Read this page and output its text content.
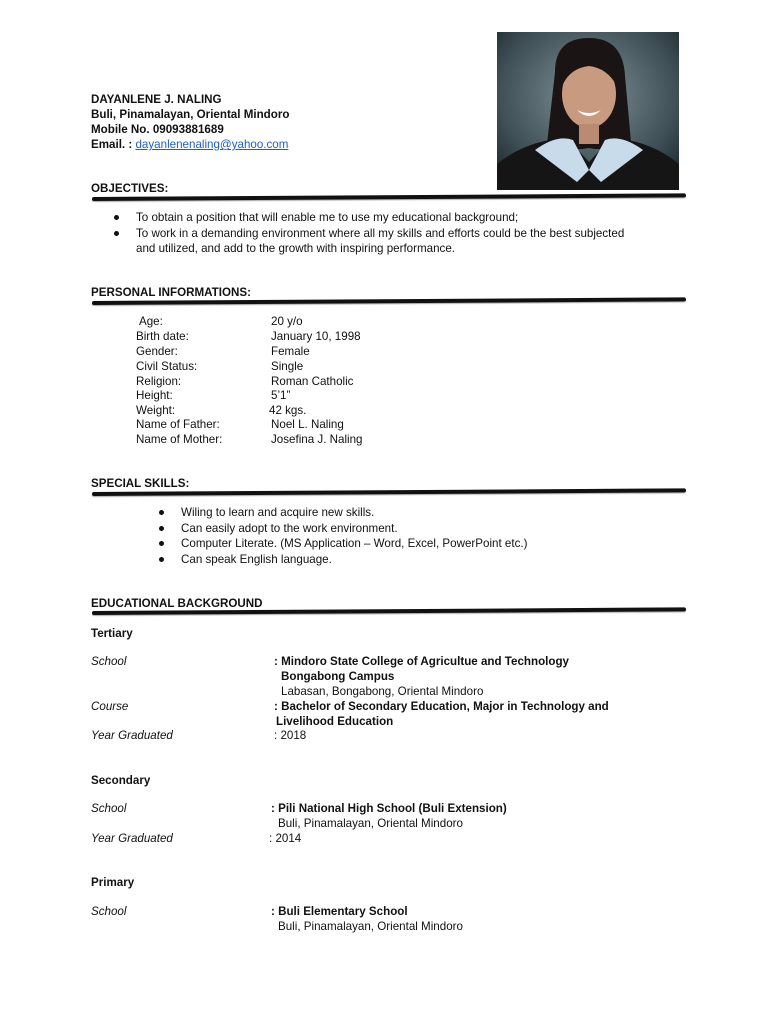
DAYANLENE J. NALING
Buli, Pinamalayan, Oriental Mindoro
Mobile No. 09093881689
Email. : dayanlenenaling@yahoo.com
OBJECTIVES:
To obtain a position that will enable me to use my educational background;
To work in a demanding environment where all my skills and efforts could be the best subjected
and utilized, and add to the growth with inspiring performance.
PERSONAL INFORMATIONS:
Age:	20 y/o
Birth date:	January 10, 1998
Gender:	Female
Civil Status:	Single
Religion:	Roman Catholic
Height:	5’1”
Weight:	42 kgs.
Name of Father:	Noel L. Naling
Name of Mother:	Josefina J. Naling
SPECIAL SKILLS:
Wiling to learn and acquire new skills.
Can easily adopt to the work environment.
Computer Literate. (MS Application – Word, Excel, PowerPoint etc.)
Can speak English language.
EDUCATIONAL BACKGROUND
Tertiary
School	: Mindoro State College of Agricultue and Technology
Bongabong Campus
Labasan, Bongabong, Oriental Mindoro
Course	: Bachelor of Secondary Education, Major in Technology and
Livelihood Education
Year Graduated	: 2018
Secondary
School	: Pili National High School (Buli Extension)
Buli, Pinamalayan, Oriental Mindoro
Year Graduated	: 2014
Primary
School	: Buli Elementary School
Buli, Pinamalayan, Oriental Mindoro
